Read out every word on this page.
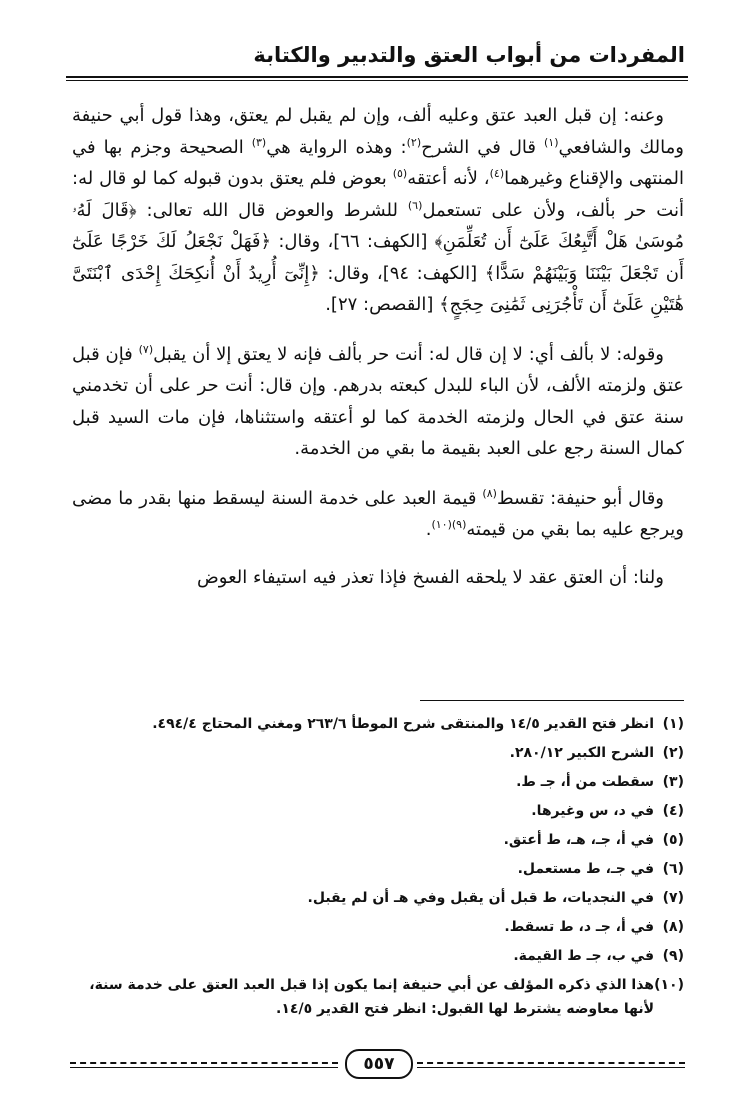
المفردات من أبواب العتق والتدبير والكتابة

وعنه: إن قبل العبد عتق وعليه ألف، وإن لم يقبل لم يعتق، وهذا قول أبي حنيفة ومالك والشافعي$^{(١)}$ قال في الشرح$^{(٢)}$: وهذه الرواية هي$^{(٣)}$ الصحيحة وجزم بها في المنتهى والإقناع وغيرهما$^{(٤)}$، لأنه أعتقه$^{(٥)}$ بعوض فلم يعتق بدون قبوله كما لو قال له: أنت حر بألف، ولأن على تستعمل$^{(٦)}$ للشرط والعوض قال الله تعالى: ﴿قَالَ لَهُۥ مُوسَىٰ هَلْ أَتَّبِعُكَ عَلَىٰٓ أَن تُعَلِّمَنِ﴾ [الكهف: ٦٦]، وقال: ﴿فَهَلْ نَجْعَلُ لَكَ خَرْجًا عَلَىٰٓ أَن تَجْعَلَ بَيْنَنَا وَبَيْنَهُمْ سَدًّا﴾ [الكهف: ٩٤]، وقال: ﴿إِنِّىٓ أُرِيدُ أَنْ أُنكِحَكَ إِحْدَى ٱبْنَتَىَّ هَٰتَيْنِ عَلَىٰٓ أَن تَأْجُرَنِى ثَمَٰنِىَ حِجَجٍ﴾ [القصص: ٢٧].

وقوله: لا بألف أي: لا إن قال له: أنت حر بألف فإنه لا يعتق إلا أن يقبل$^{(٧)}$ فإن قبل عتق ولزمته الألف، لأن الباء للبدل كبعته بدرهم. وإن قال: أنت حر على أن تخدمني سنة عتق في الحال ولزمته الخدمة كما لو أعتقه واستثناها، فإن مات السيد قبل كمال السنة رجع على العبد بقيمة ما بقي من الخدمة.

وقال أبو حنيفة: تقسط$^{(٨)}$ قيمة العبد على خدمة السنة ليسقط منها بقدر ما مضى ويرجع عليه بما بقي من قيمته$^{(٩)(١٠)}$.

ولنا: أن العتق عقد لا يلحقه الفسخ فإذا تعذر فيه استيفاء العوض

(١)
انظر فتح القدير ١٤/٥ والمنتقى شرح الموطأ ٢٦٣/٦ ومغني المحتاج ٤٩٤/٤.
(٢)
الشرح الكبير ٢٨٠/١٢.
(٣)
سقطت من أ، جـ ط.
(٤)
في د، س وغيرها.
(٥)
في أ، جـ، هـ، ط أعتق.
(٦)
في جـ، ط مستعمل.
(٧)
في النجديات، ط قبل أن يقبل وفي هـ أن لم يقبل.
(٨)
في أ، جـ د، ط تسقط.
(٩)
في ب، جـ ط القيمة.
(١٠)
هذا الذي ذكره المؤلف عن أبي حنيفة إنما يكون إذا قبل العبد العتق على خدمة سنة، لأنها معاوضه يشترط لها القبول: انظر فتح القدير ١٤/٥.
٥٥٧
